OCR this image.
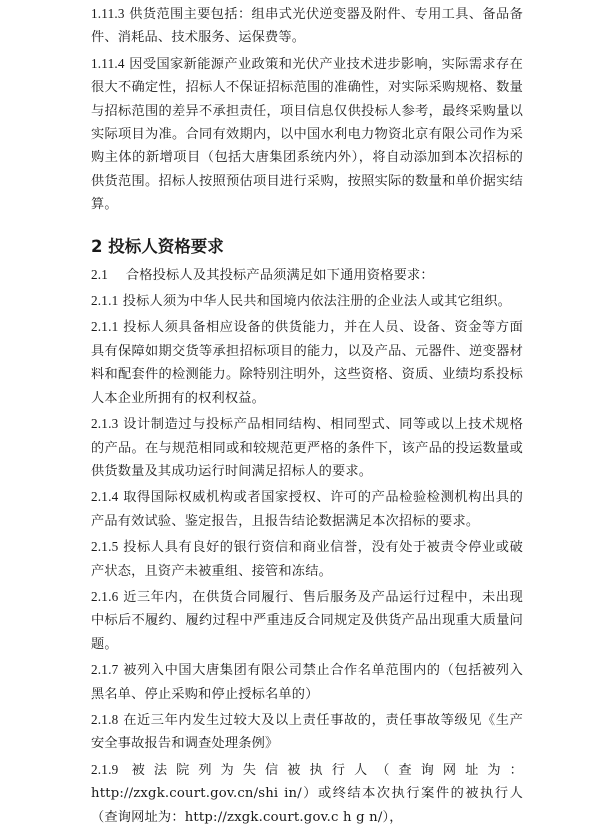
1.11.3 供货范围主要包括：组串式光伏逆变器及附件、专用工具、备品备件、消耗品、技术服务、运保费等。

1.11.4 因受国家新能源产业政策和光伏产业技术进步影响，实际需求存在很大不确定性，招标人不保证招标范围的准确性，对实际采购规格、数量与招标范围的差异不承担责任，项目信息仅供投标人参考，最终采购量以实际项目为准。合同有效期内，以中国水利电力物资北京有限公司作为采购主体的新增项目（包括大唐集团系统内外），将自动添加到本次招标的供货范围。招标人按照预估项目进行采购，按照实际的数量和单价据实结算。

2 投标人资格要求

2.1 　合格投标人及其投标产品须满足如下通用资格要求：

2.1.1 投标人须为中华人民共和国境内依法注册的企业法人或其它组织。

2.1.1 投标人须具备相应设备的供货能力，并在人员、设备、资金等方面具有保障如期交货等承担招标项目的能力，以及产品、元器件、逆变器材料和配套件的检测能力。除特别注明外，这些资格、资质、业绩均系投标人本企业所拥有的权利权益。

2.1.3 设计制造过与投标产品相同结构、相同型式、同等或以上技术规格的产品。在与规范相同或和较规范更严格的条件下，该产品的投运数量或供货数量及其成功运行时间满足招标人的要求。

2.1.4 取得国际权威机构或者国家授权、许可的产品检验检测机构出具的产品有效试验、鉴定报告，且报告结论数据满足本次招标的要求。

2.1.5 投标人具有良好的银行资信和商业信誉，没有处于被责令停业或破产状态，且资产未被重组、接管和冻结。

2.1.6 近三年内，在供货合同履行、售后服务及产品运行过程中，未出现中标后不履约、履约过程中严重违反合同规定及供货产品出现重大质量问题。

2.1.7 被列入中国大唐集团有限公司禁止合作名单范围内的（包括被列入黑名单、停止采购和停止授标名单的）

2.1.8 在近三年内发生过较大及以上责任事故的，责任事故等级见《生产安全事故报告和调查处理条例》

2.1.9 被法院列为失信被执行人（查询网址为：http://zxgk.court.gov.cn/shi in/）或终结本次执行案件的被执行人（查询网址为：http://zxgk.court.gov.c h g n/），
